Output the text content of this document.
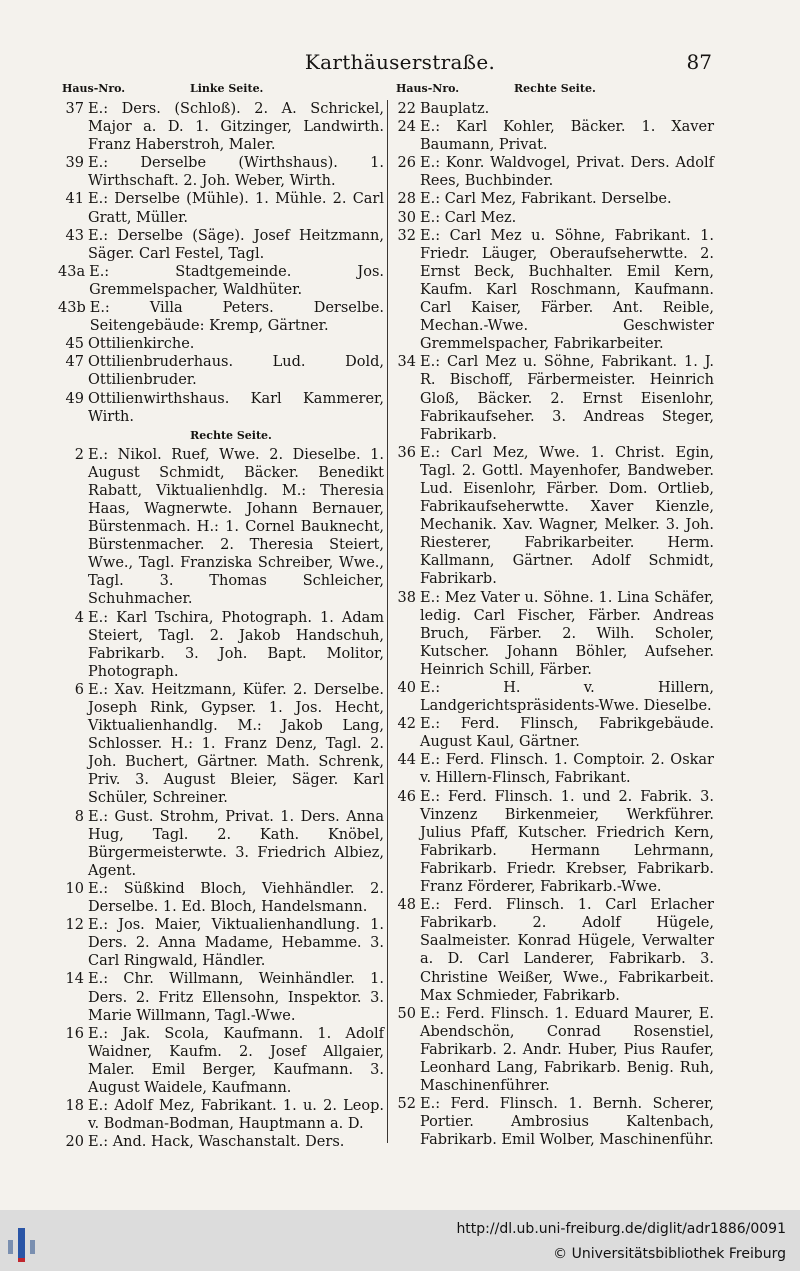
Karthäuserstraße.	87
Haus-Nro.	Linke Seite.	Haus-Nro.	Rechte Seite.
37 E.: Ders. (Schloß). 2. A. Schrickel, Major a. D. 1. Gitzinger, Landwirth. Franz Haberstroh, Maler.
39 E.: Derselbe (Wirthshaus). 1. Wirthschaft. 2. Joh. Weber, Wirth.
41 E.: Derselbe (Mühle). 1. Mühle. 2. Carl Gratt, Müller.
43 E.: Derselbe (Säge). Josef Heitzmann, Säger. Carl Festel, Tagl.
43a E.: Stadtgemeinde. Jos. Gremmelspacher, Waldhüter.
43b E.: Villa Peters. Derselbe. Seitengebäude: Kremp, Gärtner.
45 Ottilienkirche.
47 Ottilienbruderhaus. Lud. Dold, Ottilienbruder.
49 Ottilienwirthshaus. Karl Kammerer, Wirth.
Rechte Seite.
2 E.: Nikol. Ruef, Wwe. 2. Dieselbe. 1. August Schmidt, Bäcker. Benedikt Rabatt, Viktualienhdlg. M.: Theresia Haas, Wagnerwte. Johann Bernauer, Bürstenmach. H.: 1. Cornel Bauknecht, Bürstenmacher. 2. Theresia Steiert, Wwe., Tagl. Franziska Schreiber, Wwe., Tagl. 3. Thomas Schleicher, Schuhmacher.
4 E.: Karl Tschira, Photograph. 1. Adam Steiert, Tagl. 2. Jakob Handschuh, Fabrikarb. 3. Joh. Bapt. Molitor, Photograph.
6 E.: Xav. Heitzmann, Küfer. 2. Derselbe. Joseph Rink, Gypser. 1. Jos. Hecht, Viktualienhandlg. M.: Jakob Lang, Schlosser. H.: 1. Franz Denz, Tagl. 2. Joh. Buchert, Gärtner. Math. Schrenk, Priv. 3. August Bleier, Säger. Karl Schüler, Schreiner.
8 E.: Gust. Strohm, Privat. 1. Ders. Anna Hug, Tagl. 2. Kath. Knöbel, Bürgermeisterwte. 3. Friedrich Albiez, Agent.
10 E.: Süßkind Bloch, Viehhändler. 2. Derselbe. 1. Ed. Bloch, Handelsmann.
12 E.: Jos. Maier, Viktualienhandlung. 1. Ders. 2. Anna Madame, Hebamme. 3. Carl Ringwald, Händler.
14 E.: Chr. Willmann, Weinhändler. 1. Ders. 2. Fritz Ellensohn, Inspektor. 3. Marie Willmann, Tagl.-Wwe.
16 E.: Jak. Scola, Kaufmann. 1. Adolf Waidner, Kaufm. 2. Josef Allgaier, Maler. Emil Berger, Kaufmann. 3. August Waidele, Kaufmann.
18 E.: Adolf Mez, Fabrikant. 1. u. 2. Leop. v. Bodman-Bodman, Hauptmann a. D.
20 E.: And. Hack, Waschanstalt. Ders.
22 Bauplatz.
24 E.: Karl Kohler, Bäcker. 1. Xaver Baumann, Privat.
26 E.: Konr. Waldvogel, Privat. Ders. Adolf Rees, Buchbinder.
28 E.: Carl Mez, Fabrikant. Derselbe.
30 E.: Carl Mez.
32 E.: Carl Mez u. Söhne, Fabrikant. 1. Friedr. Läuger, Oberaufseherwtte. 2. Ernst Beck, Buchhalter. Emil Kern, Kaufm. Karl Roschmann, Kaufmann. Carl Kaiser, Färber. Ant. Reible, Mechan.-Wwe. Geschwister Gremmelspacher, Fabrikarbeiter.
34 E.: Carl Mez u. Söhne, Fabrikant. 1. J. R. Bischoff, Färbermeister. Heinrich Gloß, Bäcker. 2. Ernst Eisenlohr, Fabrikaufseher. 3. Andreas Steger, Fabrikarb.
36 E.: Carl Mez, Wwe. 1. Christ. Egin, Tagl. 2. Gottl. Mayenhofer, Bandweber. Lud. Eisenlohr, Färber. Dom. Ortlieb, Fabrikaufseherwtte. Xaver Kienzle, Mechanik. Xav. Wagner, Melker. 3. Joh. Riesterer, Fabrikarbeiter. Herm. Kallmann, Gärtner. Adolf Schmidt, Fabrikarb.
38 E.: Mez Vater u. Söhne. 1. Lina Schäfer, ledig. Carl Fischer, Färber. Andreas Bruch, Färber. 2. Wilh. Scholer, Kutscher. Johann Böhler, Aufseher. Heinrich Schill, Färber.
40 E.: H. v. Hillern, Landgerichtspräsidents-Wwe. Dieselbe.
42 E.: Ferd. Flinsch, Fabrikgebäude. August Kaul, Gärtner.
44 E.: Ferd. Flinsch. 1. Comptoir. 2. Oskar v. Hillern-Flinsch, Fabrikant.
46 E.: Ferd. Flinsch. 1. und 2. Fabrik. 3. Vinzenz Birkenmeier, Werkführer. Julius Pfaff, Kutscher. Friedrich Kern, Fabrikarb. Hermann Lehrmann, Fabrikarb. Friedr. Krebser, Fabrikarb. Franz Förderer, Fabrikarb.-Wwe.
48 E.: Ferd. Flinsch. 1. Carl Erlacher Fabrikarb. 2. Adolf Hügele, Saalmeister. Konrad Hügele, Verwalter a. D. Carl Landerer, Fabrikarb. 3. Christine Weißer, Wwe., Fabrikarbeit. Max Schmieder, Fabrikarb.
50 E.: Ferd. Flinsch. 1. Eduard Maurer, E. Abendschön, Conrad Rosenstiel, Fabrikarb. 2. Andr. Huber, Pius Raufer, Leonhard Lang, Fabrikarb. Benig. Ruh, Maschinenführer.
52 E.: Ferd. Flinsch. 1. Bernh. Scherer, Portier. Ambrosius Kaltenbach, Fabrikarb. Emil Wolber, Maschinenführ.
http://dl.ub.uni-freiburg.de/diglit/adr1886/0091
© Universitätsbibliothek Freiburg
